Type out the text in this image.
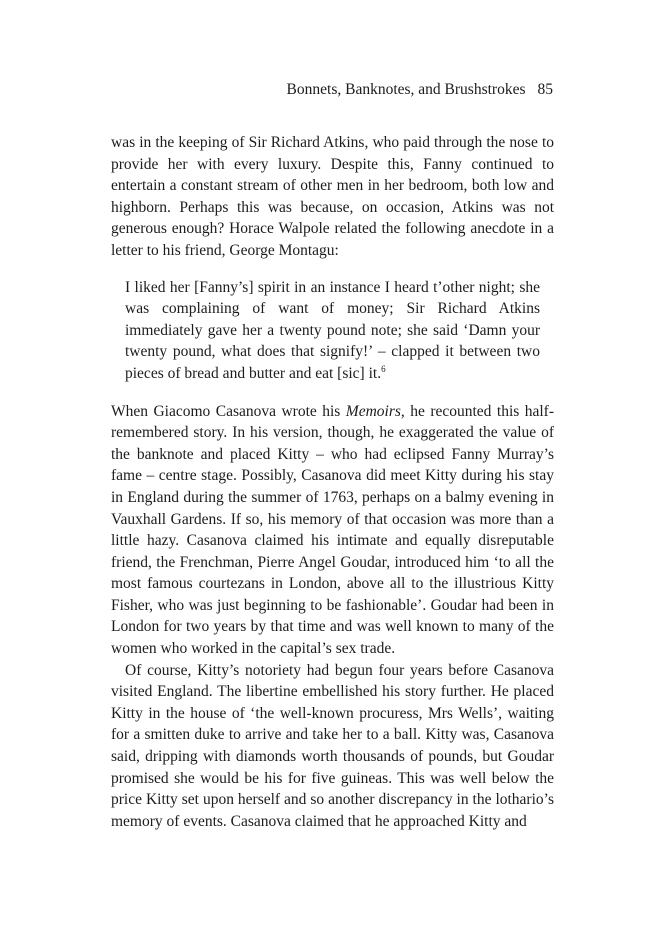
Bonnets, Banknotes, and Brushstrokes 85

was in the keeping of Sir Richard Atkins, who paid through the nose to provide her with every luxury. Despite this, Fanny continued to entertain a constant stream of other men in her bedroom, both low and highborn. Perhaps this was because, on occasion, Atkins was not generous enough? Horace Walpole related the following anecdote in a letter to his friend, George Montagu:

I liked her [Fanny’s] spirit in an instance I heard t’other night; she was complaining of want of money; Sir Richard Atkins immediately gave her a twenty pound note; she said ‘Damn your twenty pound, what does that signify!’ – clapped it between two pieces of bread and butter and eat [sic] it.$^6$

When Giacomo Casanova wrote his Memoirs, he recounted this half-remembered story. In his version, though, he exaggerated the value of the banknote and placed Kitty – who had eclipsed Fanny Murray’s fame – centre stage. Possibly, Casanova did meet Kitty during his stay in England during the summer of 1763, perhaps on a balmy evening in Vauxhall Gardens. If so, his memory of that occasion was more than a little hazy. Casanova claimed his intimate and equally disreputable friend, the Frenchman, Pierre Angel Goudar, introduced him ‘to all the most famous courtezans in London, above all to the illustrious Kitty Fisher, who was just beginning to be fashionable’. Goudar had been in London for two years by that time and was well known to many of the women who worked in the capital’s sex trade.

Of course, Kitty’s notoriety had begun four years before Casanova visited England. The libertine embellished his story further. He placed Kitty in the house of ‘the well-known procuress, Mrs Wells’, waiting for a smitten duke to arrive and take her to a ball. Kitty was, Casanova said, dripping with diamonds worth thousands of pounds, but Goudar promised she would be his for five guineas. This was well below the price Kitty set upon herself and so another discrepancy in the lothario’s memory of events. Casanova claimed that he approached Kitty and
